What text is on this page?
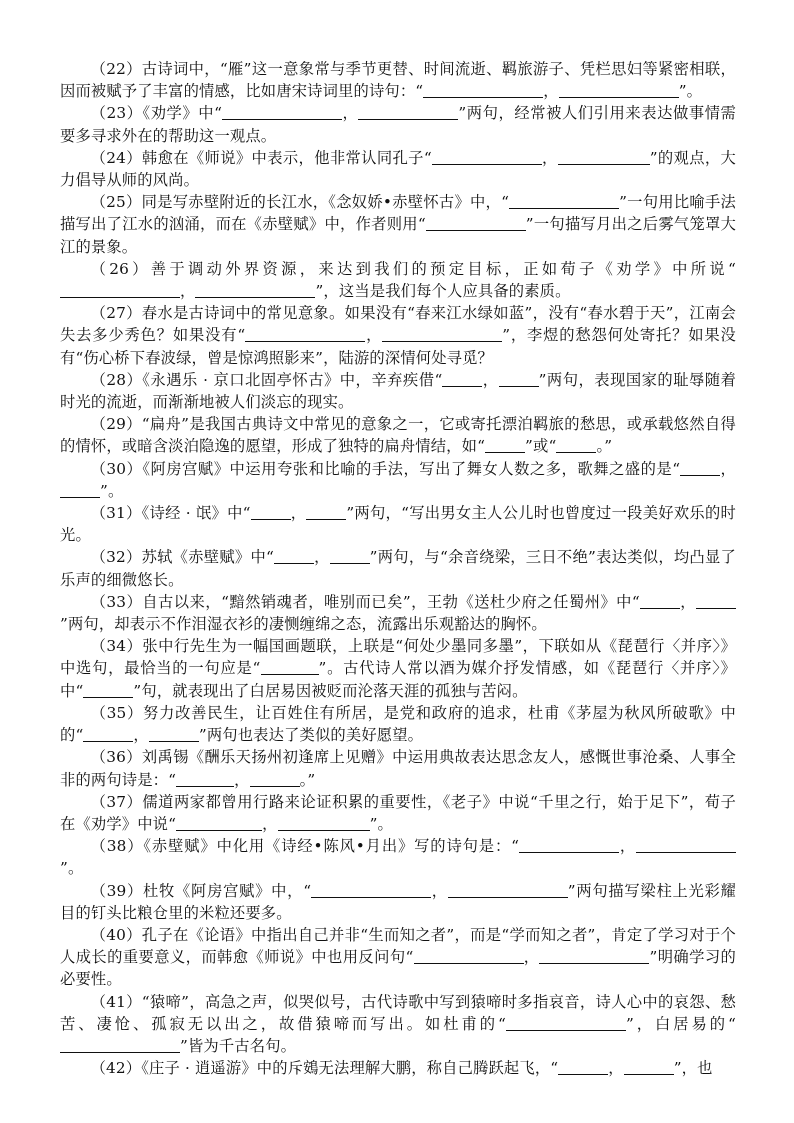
（22）古诗词中，“雁”这一意象常与季节更替、时间流逝、羁旅游子、凭栏思妇等紧密相联，因而被赋予了丰富的情感，比如唐宋诗词里的诗句：“	，	”。

（23）《劝学》中“	，	”两句，经常被人们引用来表达做事情需要多寻求外在的帮助这一观点。

（24）韩愈在《师说》中表示，他非常认同孔子“	，	”的观点，大力倡导从师的风尚。

（25）同是写赤壁附近的长江水，《念奴娇•赤壁怀古》中，“	”一句用比喻手法描写出了江水的汹涌，而在《赤壁赋》中，作者则用“	”一句描写月出之后雾气笼罩大江的景象。

（26）善于调动外界资源，来达到我们的预定目标，正如荀子《劝学》中所说“，	”，这当是我们每个人应具备的素质。

（27）春水是古诗词中的常见意象。如果没有“春来江水绿如蓝”，没有“春水碧于天”，江南会失去多少秀色？如果没有“	，	”，李煜的愁怨何处寄托？如果没有“伤心桥下春波绿，曾是惊鸿照影来”，陆游的深情何处寻觅？

（28）《永遇乐 · 京口北固亭怀古》中，辛弃疾借“	，	”两句，表现国家的耻辱随着时光的流逝，而渐渐地被人们淡忘的现实。

（29）“扁舟”是我国古典诗文中常见的意象之一，它或寄托漂泊羁旅的愁思，或承载悠然自得的情怀，或暗含淡泊隐逸的愿望，形成了独特的扁舟情结，如“	”或“	。”

（30）《阿房宫赋》中运用夸张和比喻的手法，写出了舞女人数之多，歌舞之盛的是“	，”。

（31）《诗经 · 氓》中“	，	”两句，“写出男女主人公儿时也曾度过一段美好欢乐的时光。

（32）苏轼《赤壁赋》中“	，	”两句，与“余音绕梁，三日不绝”表达类似，均凸显了乐声的细微悠长。

（33）自古以来，“黯然销魂者，唯别而已矣”，王勃《送杜少府之任蜀州》中“	，”两句，却表示不作泪湿衣衫的凄恻缠绵之态，流露出乐观豁达的胸怀。

（34）张中行先生为一幅国画题联，上联是“何处少墨同多墨”，下联如从《琵琶行〈并序〉》中选句，最恰当的一句应是“	”。古代诗人常以酒为媒介抒发情感，如《琵琶行〈并序〉》中“	”句，就表现出了白居易因被贬而沦落天涯的孤独与苦闷。

（35）努力改善民生，让百姓住有所居，是党和政府的追求，杜甫《茅屋为秋风所破歌》中的“	，	”两句也表达了类似的美好愿望。

（36）刘禹锡《酬乐天扬州初逢席上见赠》中运用典故表达思念友人，感慨世事沧桑、人事全非的两句诗是：“	，	。”

（37）儒道两家都曾用行路来论证积累的重要性，《老子》中说“千里之行，始于足下”，荀子在《劝学》中说“	，	”。

（38）《赤壁赋》中化用《诗经•陈风•月出》写的诗句是：“	，”。

（39）杜牧《阿房宫赋》中，“	，	”两句描写梁柱上光彩耀目的钉头比粮仓里的米粒还要多。

（40）孔子在《论语》中指出自己并非“生而知之者”，而是“学而知之者”，肯定了学习对于个人成长的重要意义，而韩愈《师说》中也用反问句“	，	”明确学习的必要性。

（41）“猿啼”，高急之声，似哭似号，古代诗歌中写到猿啼时多指哀音，诗人心中的哀怨、愁苦、凄怆、孤寂无以出之，故借猿啼而写出。如杜甫的“	”，白居易的“”皆为千古名句。

（42）《庄子 · 逍遥游》中的斥鴳无法理解大鹏，称自己腾跃起飞，“	，	”，也
